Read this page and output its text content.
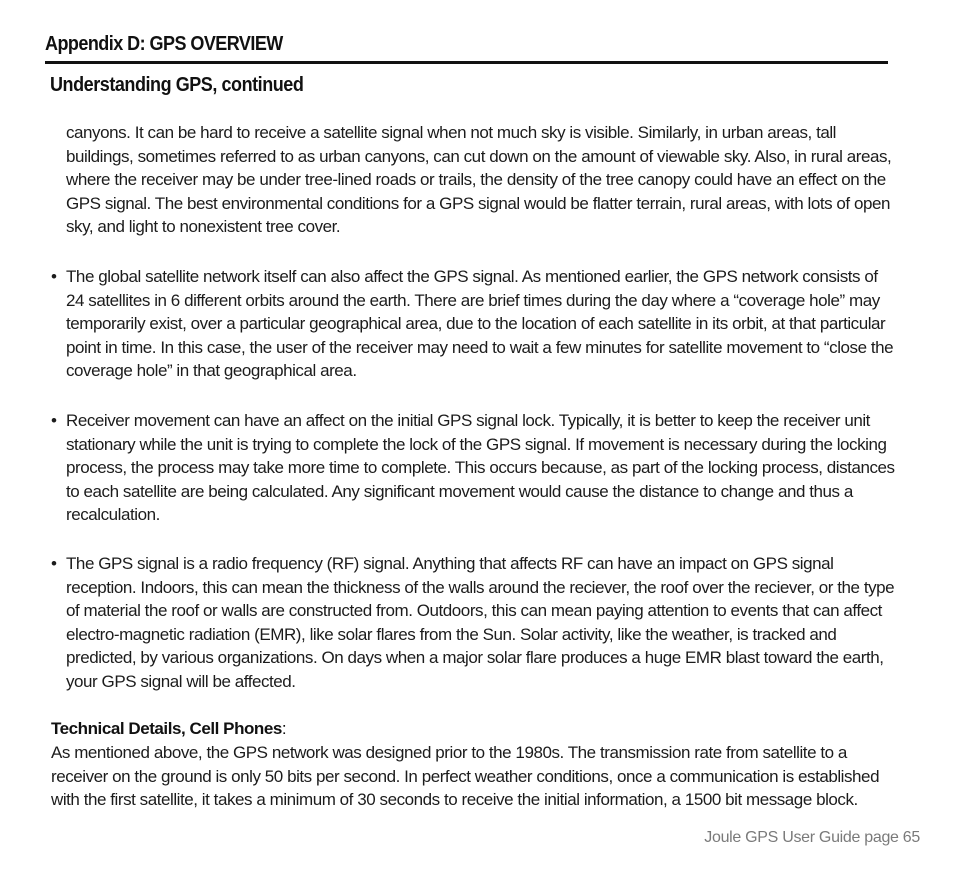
Appendix D: GPS OVERVIEW
Understanding GPS, continued

canyons. It can be hard to receive a satellite signal when not much sky is visible. Similarly, in urban areas, tall buildings, sometimes referred to as urban canyons, can cut down on the amount of viewable sky. Also, in rural areas, where the receiver may be under tree-lined roads or trails, the density of the tree canopy could have an effect on the GPS signal. The best environmental conditions for a GPS signal would be flatter terrain, rural areas, with lots of open sky, and light to nonexistent tree cover.

• The global satellite network itself can also affect the GPS signal. As mentioned earlier, the GPS network consists of 24 satellites in 6 different orbits around the earth. There are brief times during the day where a “coverage hole” may temporarily exist, over a particular geographical area, due to the location of each satellite in its orbit, at that particular point in time. In this case, the user of the receiver may need to wait a few minutes for satellite movement to “close the coverage hole” in that geographical area.
• Receiver movement can have an affect on the initial GPS signal lock. Typically, it is better to keep the receiver unit stationary while the unit is trying to complete the lock of the GPS signal. If movement is necessary during the locking process, the process may take more time to complete. This occurs because, as part of the locking process, distances to each satellite are being calculated. Any significant movement would cause the distance to change and thus a recalculation.
• The GPS signal is a radio frequency (RF) signal. Anything that affects RF can have an impact on GPS signal reception. Indoors, this can mean the thickness of the walls around the reciever, the roof over the reciever, or the type of material the roof or walls are constructed from. Outdoors, this can mean paying attention to events that can affect electro-magnetic radiation (EMR), like solar flares from the Sun. Solar activity, like the weather, is tracked and predicted, by various organizations. On days when a major solar flare produces a huge EMR blast toward the earth, your GPS signal will be affected.
Technical Details, Cell Phones:

As mentioned above, the GPS network was designed prior to the 1980s. The transmission rate from satellite to a receiver on the ground is only 50 bits per second. In perfect weather conditions, once a communication is established with the first satellite, it takes a minimum of 30 seconds to receive the initial information, a 1500 bit message block.

Joule GPS User Guide page 65
